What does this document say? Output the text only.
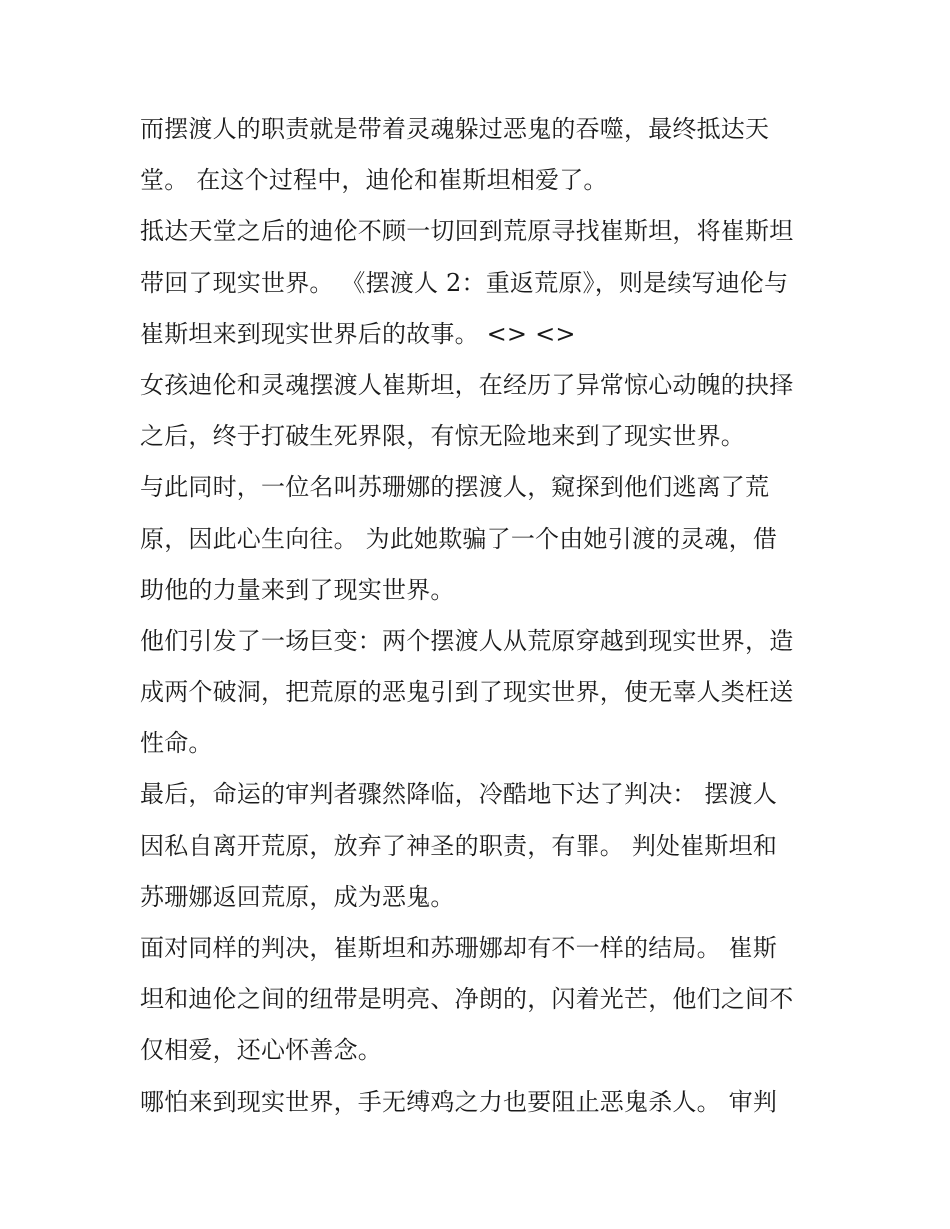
而摆渡人的职责就是带着灵魂躲过恶鬼的吞噬，最终抵达天
堂。 在这个过程中，迪伦和崔斯坦相爱了。
抵达天堂之后的迪伦不顾一切回到荒原寻找崔斯坦，将崔斯坦
带回了现实世界。 《摆渡人 2：重返荒原》，则是续写迪伦与
崔斯坦来到现实世界后的故事。 <> <>
女孩迪伦和灵魂摆渡人崔斯坦，在经历了异常惊心动魄的抉择
之后，终于打破生死界限，有惊无险地来到了现实世界。
与此同时，一位名叫苏珊娜的摆渡人，窥探到他们逃离了荒
原，因此心生向往。 为此她欺骗了一个由她引渡的灵魂，借
助他的力量来到了现实世界。
他们引发了一场巨变：两个摆渡人从荒原穿越到现实世界，造
成两个破洞，把荒原的恶鬼引到了现实世界，使无辜人类枉送
性命。
最后，命运的审判者骤然降临，冷酷地下达了判决： 摆渡人
因私自离开荒原，放弃了神圣的职责，有罪。 判处崔斯坦和
苏珊娜返回荒原，成为恶鬼。
面对同样的判决，崔斯坦和苏珊娜却有不一样的结局。 崔斯
坦和迪伦之间的纽带是明亮、净朗的，闪着光芒，他们之间不
仅相爱，还心怀善念。
哪怕来到现实世界，手无缚鸡之力也要阻止恶鬼杀人。 审判
